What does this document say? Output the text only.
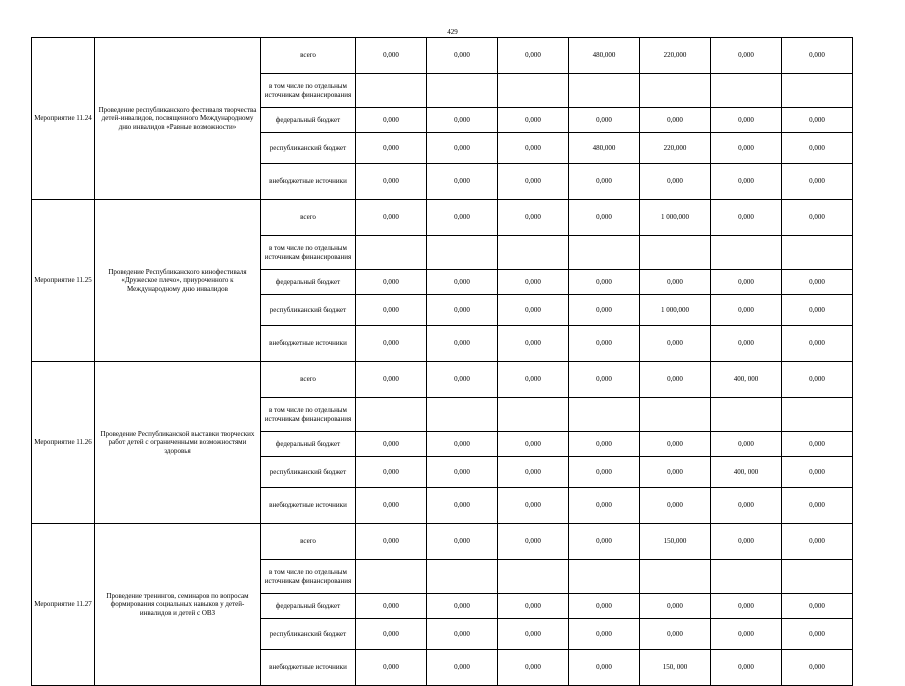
429
Мероприятие 11.24	Проведение республиканского фестиваля творчества детей-инвалидов, посвященного Международному дню инвалидов «Равные возможности»	всего	0,000	0,000	0,000	480,000	220,000	0,000	0,000
		в том числе по отдельным источникам финансирования							
		федеральный бюджет	0,000	0,000	0,000	0,000	0,000	0,000	0,000
		республиканский бюджет	0,000	0,000	0,000	480,000	220,000	0,000	0,000
		внебюджетные источники	0,000	0,000	0,000	0,000	0,000	0,000	0,000
Мероприятие 11.25	Проведение Республиканского кинофестиваля «Дружеское плечо», приуроченного к Международному дню инвалидов	всего	0,000	0,000	0,000	0,000	1 000,000	0,000	0,000
		в том числе по отдельным источникам финансирования							
		федеральный бюджет	0,000	0,000	0,000	0,000	0,000	0,000	0,000
		республиканский бюджет	0,000	0,000	0,000	0,000	1 000,000	0,000	0,000
		внебюджетные источники	0,000	0,000	0,000	0,000	0,000	0,000	0,000
Мероприятие 11.26	Проведение Республиканской выставки творческих работ детей с ограниченными возможностями здоровья	всего	0,000	0,000	0,000	0,000	0,000	400, 000	0,000
		в том числе по отдельным источникам финансирования							
		федеральный бюджет	0,000	0,000	0,000	0,000	0,000	0,000	0,000
		республиканский бюджет	0,000	0,000	0,000	0,000	0,000	400, 000	0,000
		внебюджетные источники	0,000	0,000	0,000	0,000	0,000	0,000	0,000
Мероприятие 11.27	Проведение тренингов, семинаров по вопросам формирования социальных навыков у детей-инвалидов и детей с ОВЗ	всего	0,000	0,000	0,000	0,000	150,000	0,000	0,000
		в том числе по отдельным источникам финансирования							
		федеральный бюджет	0,000	0,000	0,000	0,000	0,000	0,000	0,000
		республиканский бюджет	0,000	0,000	0,000	0,000	0,000	0,000	0,000
		внебюджетные источники	0,000	0,000	0,000	0,000	150, 000	0,000	0,000
